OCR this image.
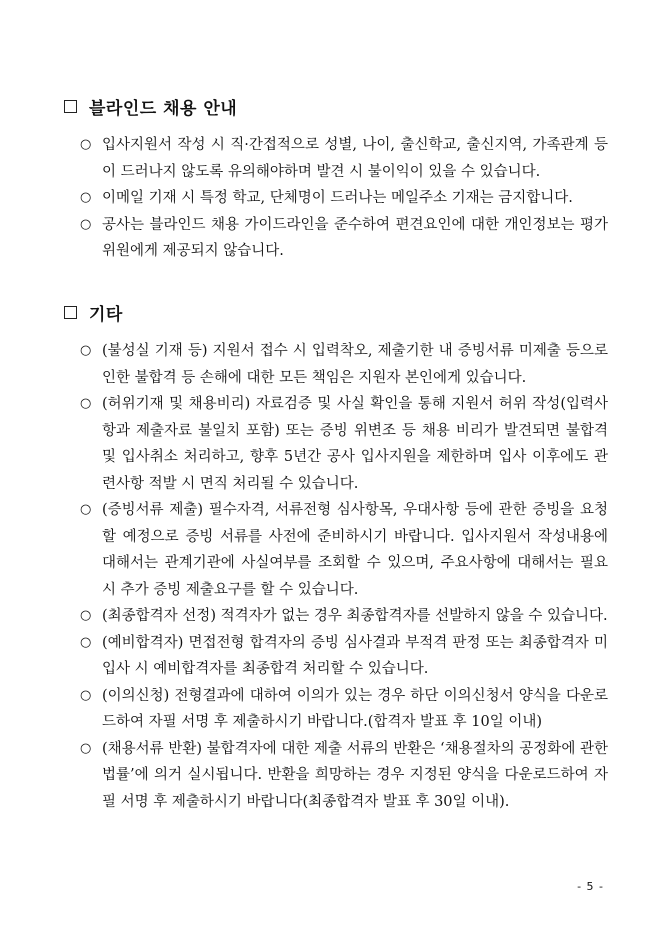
블라인드 채용 안내
○ 입사지원서 작성 시 직·간접적으로 성별, 나이, 출신학교, 출신지역, 가족관계 등이 드러나지 않도록 유의해야하며 발견 시 불이익이 있을 수 있습니다.
○ 이메일 기재 시 특정 학교, 단체명이 드러나는 메일주소 기재는 금지합니다.
○ 공사는 블라인드 채용 가이드라인을 준수하여 편견요인에 대한 개인정보는 평가위원에게 제공되지 않습니다.
기타
○ (불성실 기재 등) 지원서 접수 시 입력착오, 제출기한 내 증빙서류 미제출 등으로 인한 불합격 등 손해에 대한 모든 책임은 지원자 본인에게 있습니다.
○ (허위기재 및 채용비리) 자료검증 및 사실 확인을 통해 지원서 허위 작성(입력사항과 제출자료 불일치 포함) 또는 증빙 위변조 등 채용 비리가 발견되면 불합격 및 입사취소 처리하고, 향후 5년간 공사 입사지원을 제한하며 입사 이후에도 관련사항 적발 시 면직 처리될 수 있습니다.
○ (증빙서류 제출) 필수자격, 서류전형 심사항목, 우대사항 등에 관한 증빙을 요청할 예정으로 증빙 서류를 사전에 준비하시기 바랍니다. 입사지원서 작성내용에 대해서는 관계기관에 사실여부를 조회할 수 있으며, 주요사항에 대해서는 필요 시 추가 증빙 제출요구를 할 수 있습니다.
○ (최종합격자 선정) 적격자가 없는 경우 최종합격자를 선발하지 않을 수 있습니다.
○ (예비합격자) 면접전형 합격자의 증빙 심사결과 부적격 판정 또는 최종합격자 미입사 시 예비합격자를 최종합격 처리할 수 있습니다.
○ (이의신청) 전형결과에 대하여 이의가 있는 경우 하단 이의신청서 양식을 다운로드하여 자필 서명 후 제출하시기 바랍니다.(합격자 발표 후 10일 이내)
○ (채용서류 반환) 불합격자에 대한 제출 서류의 반환은 ‘채용절차의 공정화에 관한 법률’에 의거 실시됩니다. 반환을 희망하는 경우 지정된 양식을 다운로드하여 자필 서명 후 제출하시기 바랍니다(최종합격자 발표 후 30일 이내).
- 5 -
